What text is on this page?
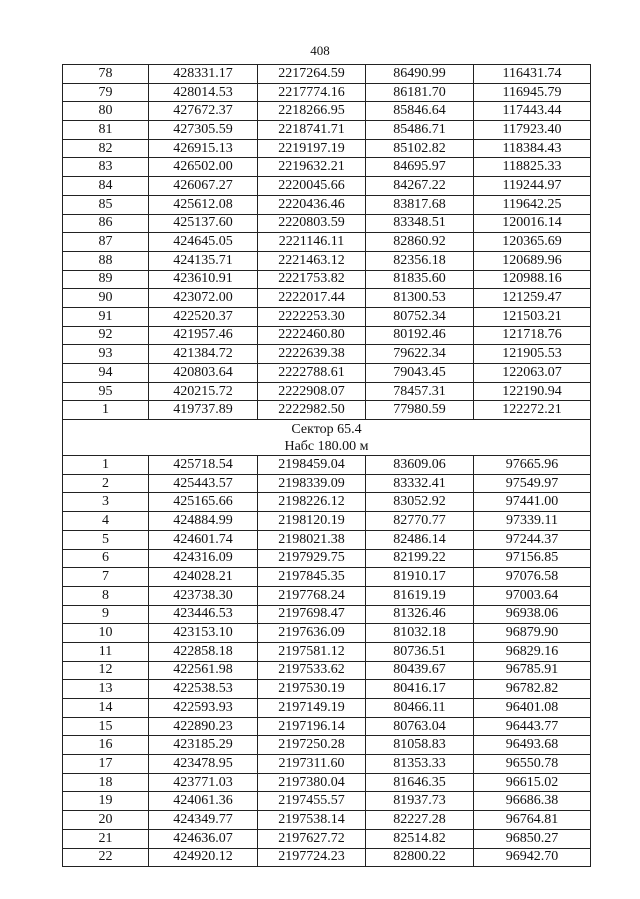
408
78	428331.17	2217264.59	86490.99	116431.74
79	428014.53	2217774.16	86181.70	116945.79
80	427672.37	2218266.95	85846.64	117443.44
81	427305.59	2218741.71	85486.71	117923.40
82	426915.13	2219197.19	85102.82	118384.43
83	426502.00	2219632.21	84695.97	118825.33
84	426067.27	2220045.66	84267.22	119244.97
85	425612.08	2220436.46	83817.68	119642.25
86	425137.60	2220803.59	83348.51	120016.14
87	424645.05	2221146.11	82860.92	120365.69
88	424135.71	2221463.12	82356.18	120689.96
89	423610.91	2221753.82	81835.60	120988.16
90	423072.00	2222017.44	81300.53	121259.47
91	422520.37	2222253.30	80752.34	121503.21
92	421957.46	2222460.80	80192.46	121718.76
93	421384.72	2222639.38	79622.34	121905.53
94	420803.64	2222788.61	79043.45	122063.07
95	420215.72	2222908.07	78457.31	122190.94
1	419737.89	2222982.50	77980.59	122272.21

Сектор 65.4
Набс 180.00 м				

1	425718.54	2198459.04	83609.06	97665.96
2	425443.57	2198339.09	83332.41	97549.97
3	425165.66	2198226.12	83052.92	97441.00
4	424884.99	2198120.19	82770.77	97339.11
5	424601.74	2198021.38	82486.14	97244.37
6	424316.09	2197929.75	82199.22	97156.85
7	424028.21	2197845.35	81910.17	97076.58
8	423738.30	2197768.24	81619.19	97003.64
9	423446.53	2197698.47	81326.46	96938.06
10	423153.10	2197636.09	81032.18	96879.90
11	422858.18	2197581.12	80736.51	96829.16
12	422561.98	2197533.62	80439.67	96785.91
13	422538.53	2197530.19	80416.17	96782.82
14	422593.93	2197149.19	80466.11	96401.08
15	422890.23	2197196.14	80763.04	96443.77
16	423185.29	2197250.28	81058.83	96493.68
17	423478.95	2197311.60	81353.33	96550.78
18	423771.03	2197380.04	81646.35	96615.02
19	424061.36	2197455.57	81937.73	96686.38
20	424349.77	2197538.14	82227.28	96764.81
21	424636.07	2197627.72	82514.82	96850.27
22	424920.12	2197724.23	82800.22	96942.70
